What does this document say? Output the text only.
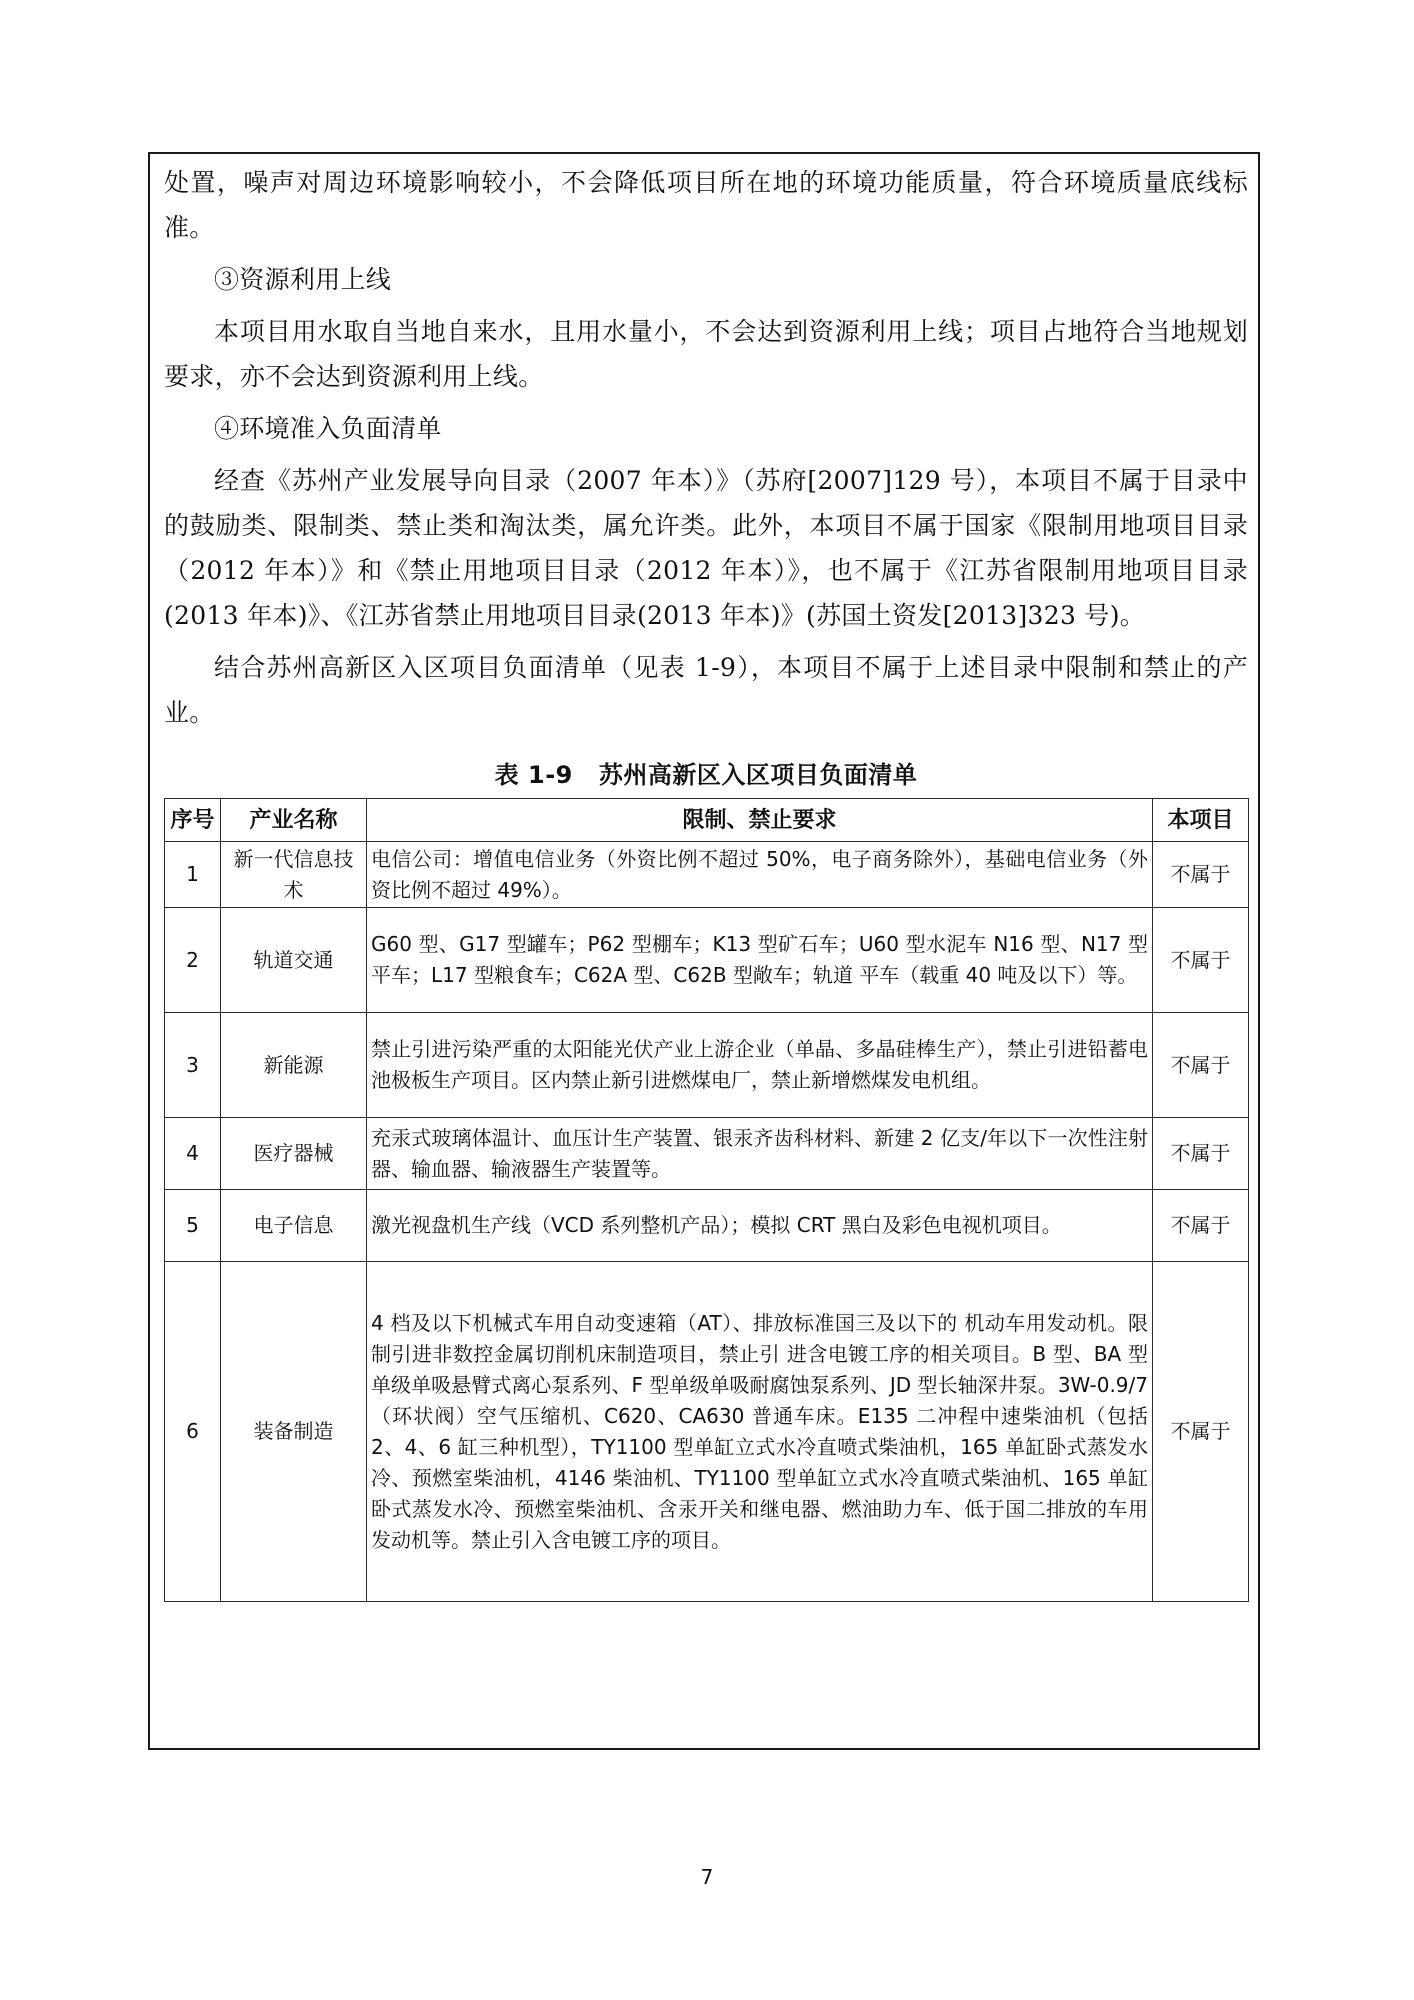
处置，噪声对周边环境影响较小，不会降低项目所在地的环境功能质量，符合环境质量底线标准。

③资源利用上线

本项目用水取自当地自来水，且用水量小，不会达到资源利用上线；项目占地符合当地规划要求，亦不会达到资源利用上线。

④环境准入负面清单

经查《苏州产业发展导向目录（2007 年本）》（苏府[2007]129 号），本项目不属于目录中的鼓励类、限制类、禁止类和淘汰类，属允许类。此外，本项目不属于国家《限制用地项目目录（2012 年本）》和《禁止用地项目目录（2012 年本）》，也不属于《江苏省限制用地项目目录(2013 年本)》、《江苏省禁止用地项目目录(2013 年本)》(苏国土资发[2013]323 号)。

结合苏州高新区入区项目负面清单（见表 1-9），本项目不属于上述目录中限制和禁止的产业。

表 1-9 苏州高新区入区项目负面清单
序号	产业名称	限制、禁止要求	本项目
1	新一代信息技术	电信公司：增值电信业务（外资比例不超过 50%，电子商务除外），基础电信业务（外资比例不超过 49%）。	不属于
2	轨道交通	G60 型、G17 型罐车；P62 型棚车；K13 型矿石车；U60 型水泥车 N16 型、N17 型平车；L17 型粮食车；C62A 型、C62B 型敞车；轨道 平车（载重 40 吨及以下）等。	不属于
3	新能源	禁止引进污染严重的太阳能光伏产业上游企业（单晶、多晶硅棒生产），禁止引进铅蓄电池极板生产项目。区内禁止新引进燃煤电厂，禁止新增燃煤发电机组。	不属于
4	医疗器械	充汞式玻璃体温计、血压计生产装置、银汞齐齿科材料、新建 2 亿支/年以下一次性注射器、输血器、输液器生产装置等。	不属于
5	电子信息	激光视盘机生产线（VCD 系列整机产品）；模拟 CRT 黑白及彩色电视机项目。	不属于
6	装备制造	4 档及以下机械式车用自动变速箱（AT）、排放标准国三及以下的 机动车用发动机。限制引进非数控金属切削机床制造项目，禁止引 进含电镀工序的相关项目。B 型、BA 型单级单吸悬臂式离心泵系列、F 型单级单吸耐腐蚀泵系列、JD 型长轴深井泵。3W-0.9/7（环状阀）空气压缩机、C620、CA630 普通车床。E135 二冲程中速柴油机（包括 2、4、6 缸三种机型），TY1100 型单缸立式水冷直喷式柴油机，165 单缸卧式蒸发水冷、预燃室柴油机，4146 柴油机、TY1100 型单缸立式水冷直喷式柴油机、165 单缸卧式蒸发水冷、预燃室柴油机、含汞开关和继电器、燃油助力车、低于国二排放的车用发动机等。禁止引入含电镀工序的项目。	不属于
7
